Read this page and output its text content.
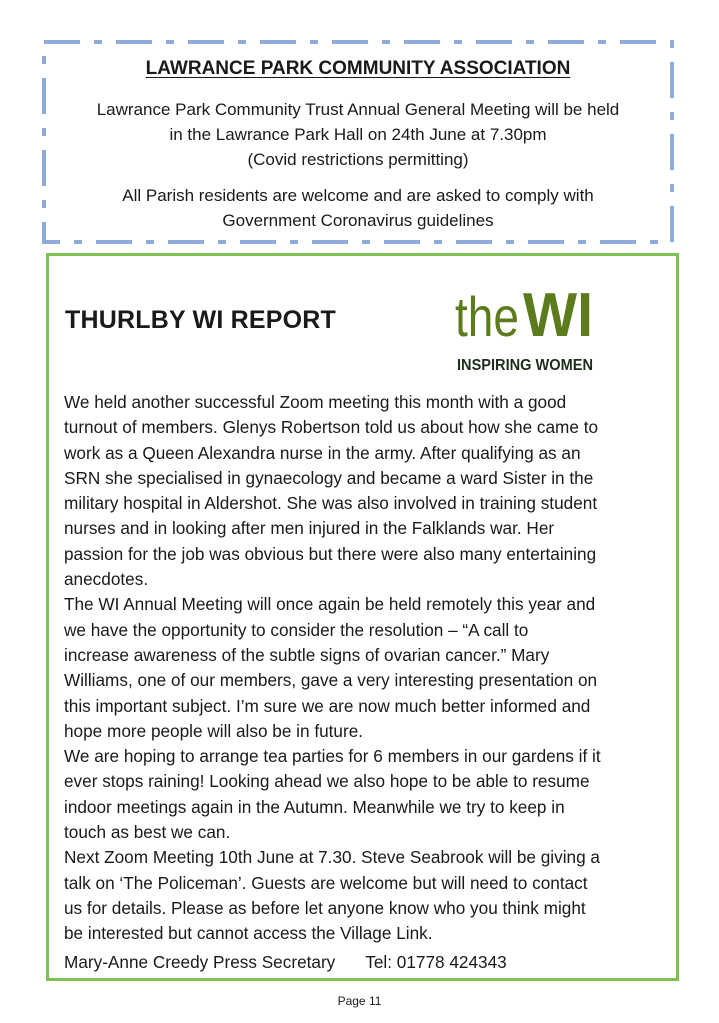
LAWRANCE PARK COMMUNITY ASSOCIATION
Lawrance Park Community Trust Annual General Meeting will be held
in the Lawrance Park Hall on 24th June at 7.30pm
(Covid restrictions permitting)
All Parish residents are welcome and are asked to comply with
Government Coronavirus guidelines
THURLBY WI REPORT the WI
INSPIRING WOMEN
We held another successful Zoom meeting this month with a good
turnout of members. Glenys Robertson told us about how she came to
work as a Queen Alexandra nurse in the army. After qualifying as an
SRN she specialised in gynaecology and became a ward Sister in the
military hospital in Aldershot. She was also involved in training student
nurses and in looking after men injured in the Falklands war. Her
passion for the job was obvious but there were also many entertaining
anecdotes.
The WI Annual Meeting will once again be held remotely this year and
we have the opportunity to consider the resolution – “A call to
increase awareness of the subtle signs of ovarian cancer.” Mary
Williams, one of our members, gave a very interesting presentation on
this important subject. I’m sure we are now much better informed and
hope more people will also be in future.
We are hoping to arrange tea parties for 6 members in our gardens if it
ever stops raining! Looking ahead we also hope to be able to resume
indoor meetings again in the Autumn. Meanwhile we try to keep in
touch as best we can.
Next Zoom Meeting 10th June at 7.30. Steve Seabrook will be giving a
talk on ‘The Policeman’. Guests are welcome but will need to contact
us for details. Please as before let anyone know who you think might
be interested but cannot access the Village Link.
Mary-Anne Creedy Press Secretary Tel: 01778 424343
Page 11
